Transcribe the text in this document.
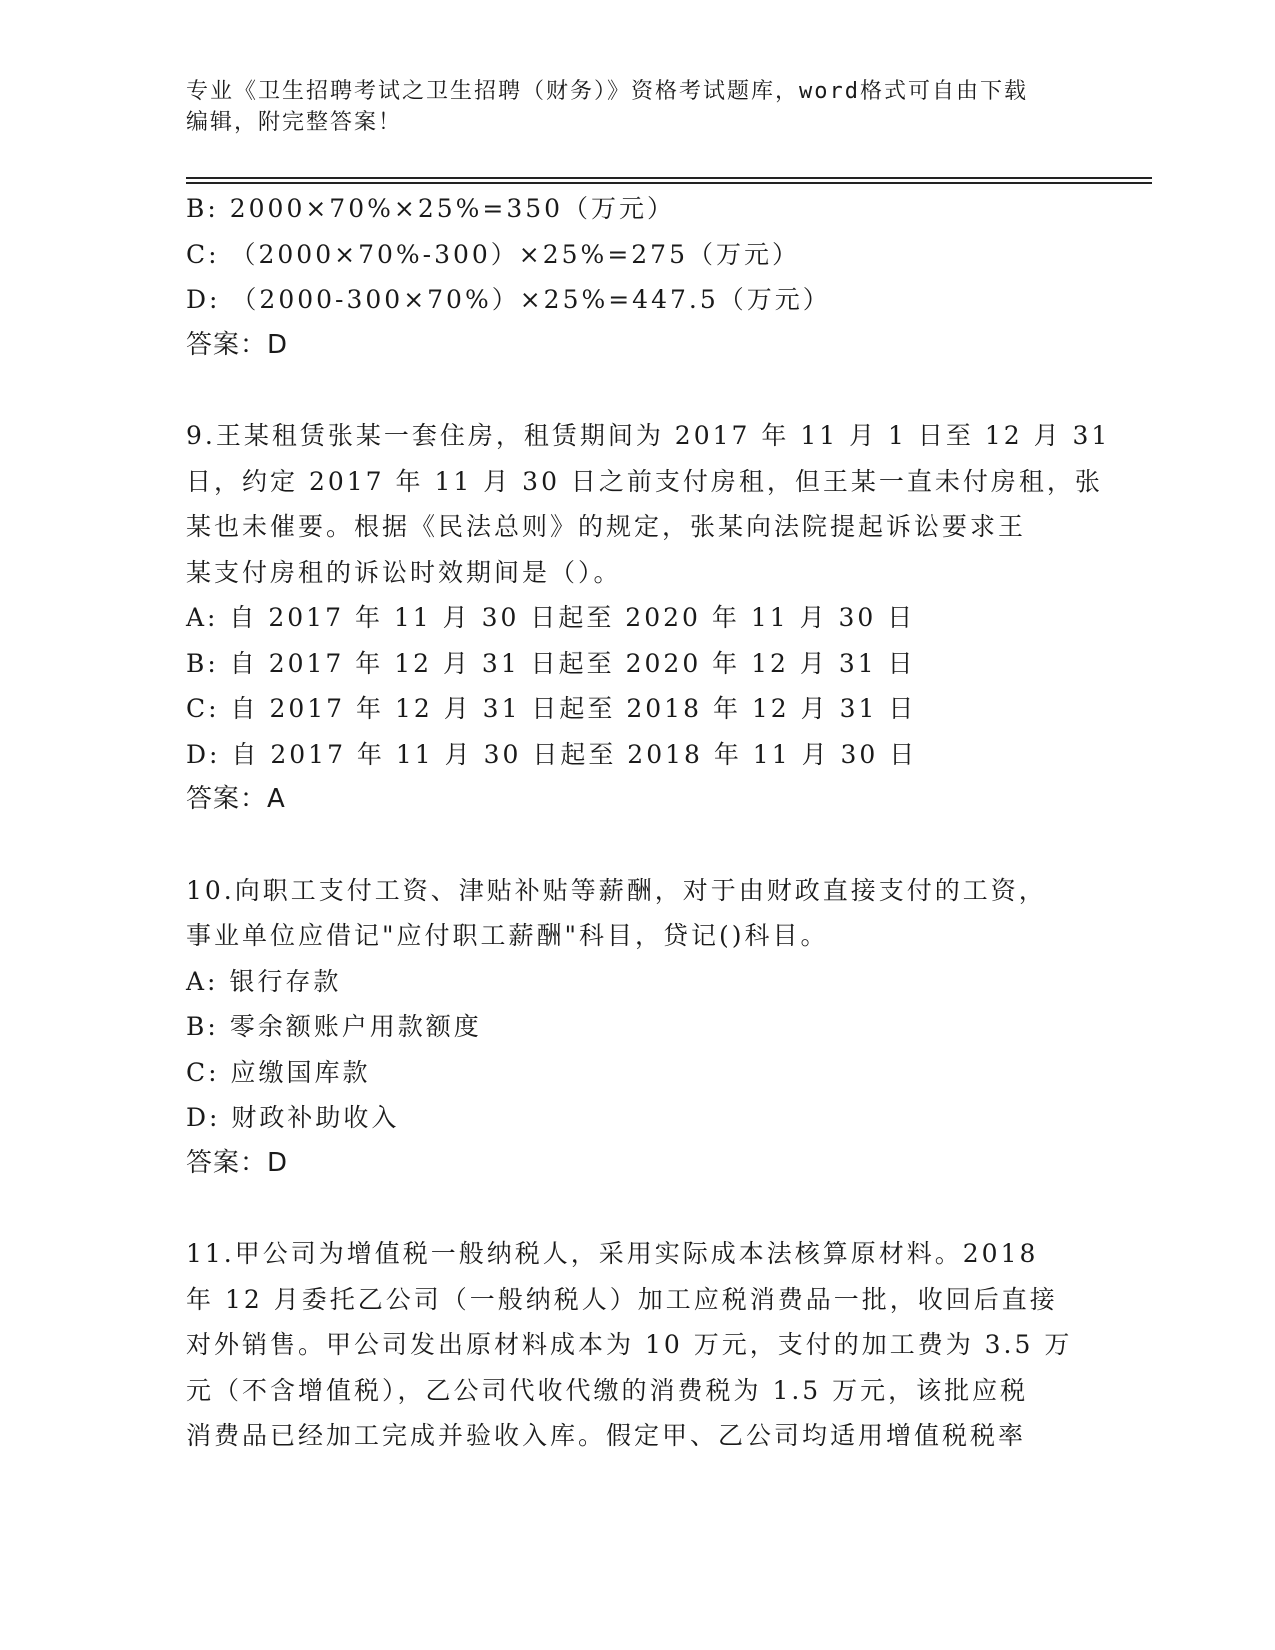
专业《卫生招聘考试之卫生招聘（财务）》资格考试题库，word格式可自由下载
编辑，附完整答案！
B: 2000×70%×25%=350（万元）
C: （2000×70%-300）×25%=275（万元）
D: （2000-300×70%）×25%=447.5（万元）
答案：D
9.王某租赁张某一套住房，租赁期间为 2017 年 11 月 1 日至 12 月 31
日，约定 2017 年 11 月 30 日之前支付房租，但王某一直未付房租，张
某也未催要。根据《民法总则》的规定，张某向法院提起诉讼要求王
某支付房租的诉讼时效期间是（）。
A: 自 2017 年 11 月 30 日起至 2020 年 11 月 30 日
B: 自 2017 年 12 月 31 日起至 2020 年 12 月 31 日
C: 自 2017 年 12 月 31 日起至 2018 年 12 月 31 日
D: 自 2017 年 11 月 30 日起至 2018 年 11 月 30 日
答案：A
10.向职工支付工资、津贴补贴等薪酬，对于由财政直接支付的工资，
事业单位应借记"应付职工薪酬"科目，贷记()科目。
A: 银行存款
B: 零余额账户用款额度
C: 应缴国库款
D: 财政补助收入
答案：D
11.甲公司为增值税一般纳税人，采用实际成本法核算原材料。2018
年 12 月委托乙公司（一般纳税人）加工应税消费品一批，收回后直接
对外销售。甲公司发出原材料成本为 10 万元，支付的加工费为 3.5 万
元（不含增值税），乙公司代收代缴的消费税为 1.5 万元，该批应税
消费品已经加工完成并验收入库。假定甲、乙公司均适用增值税税率
